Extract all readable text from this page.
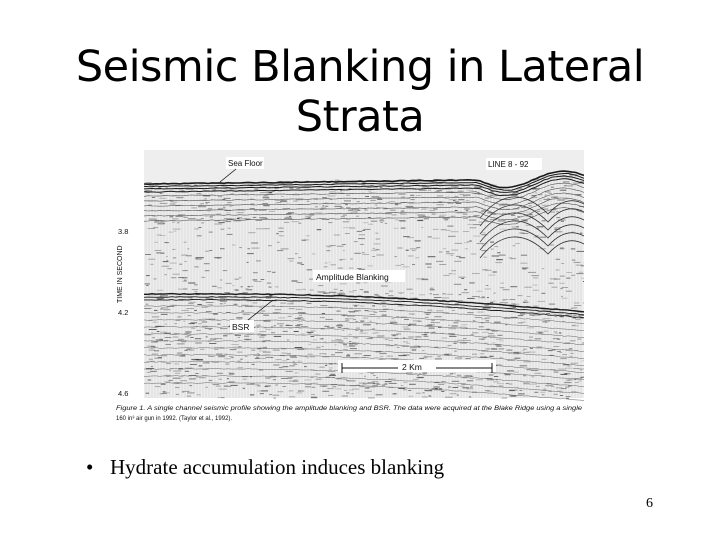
Seismic Blanking in Lateral
Strata
TIME IN SECOND
3.8
4.2
4.6
Sea Floor	LINE 8 - 92
Amplitude Blanking
BSR
2 Km
Figure 1. A single channel seismic profile showing the amplitude blanking and BSR. The data were acquired at the Blake Ridge using a single
160 in³ air gun in 1992. (Taylor et al., 1992).
• Hydrate accumulation induces blanking
6
